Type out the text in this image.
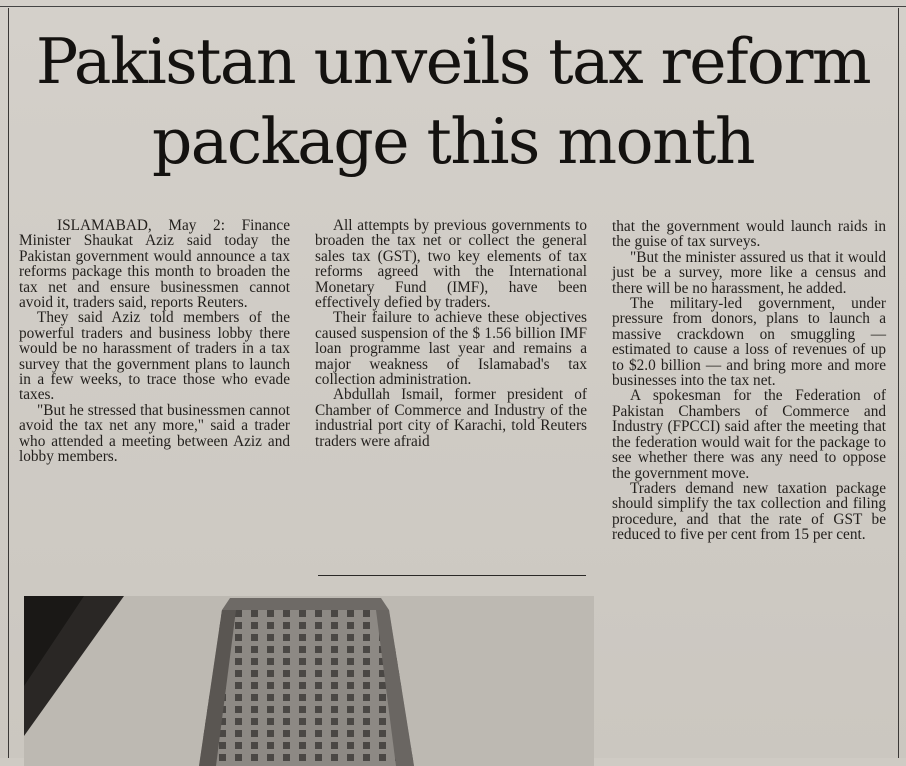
Pakistan unveils tax reform
package this month

ISLAMABAD, May 2: Finance Minister Shaukat Aziz said today the Pakistan government would announce a tax reforms package this month to broaden the tax net and ensure businessmen cannot avoid it, traders said, reports Reuters.

They said Aziz told members of the powerful traders and business lobby there would be no harassment of traders in a tax survey that the government plans to launch in a few weeks, to trace those who evade taxes.

"But he stressed that businessmen cannot avoid the tax net any more," said a trader who attended a meeting between Aziz and lobby members.

All attempts by previous governments to broaden the tax net or collect the general sales tax (GST), two key elements of tax reforms agreed with the International Monetary Fund (IMF), have been effectively defied by traders.

Their failure to achieve these objectives caused suspension of the $ 1.56 billion IMF loan programme last year and remains a major weakness of Islamabad's tax collection administration.

Abdullah Ismail, former president of Chamber of Commerce and Industry of the industrial port city of Karachi, told Reuters traders were afraid

that the government would launch raids in the guise of tax surveys.

"But the minister assured us that it would just be a survey, more like a census and there will be no harassment, he added.

The military-led government, under pressure from donors, plans to launch a massive crackdown on smuggling — estimated to cause a loss of revenues of up to $2.0 billion — and bring more and more businesses into the tax net.

A spokesman for the Federation of Pakistan Chambers of Commerce and Industry (FPCCI) said after the meeting that the federation would wait for the package to see whether there was any need to oppose the government move.

Traders demand new taxation package should simplify the tax collection and filing procedure, and that the rate of GST be reduced to five per cent from 15 per cent.
